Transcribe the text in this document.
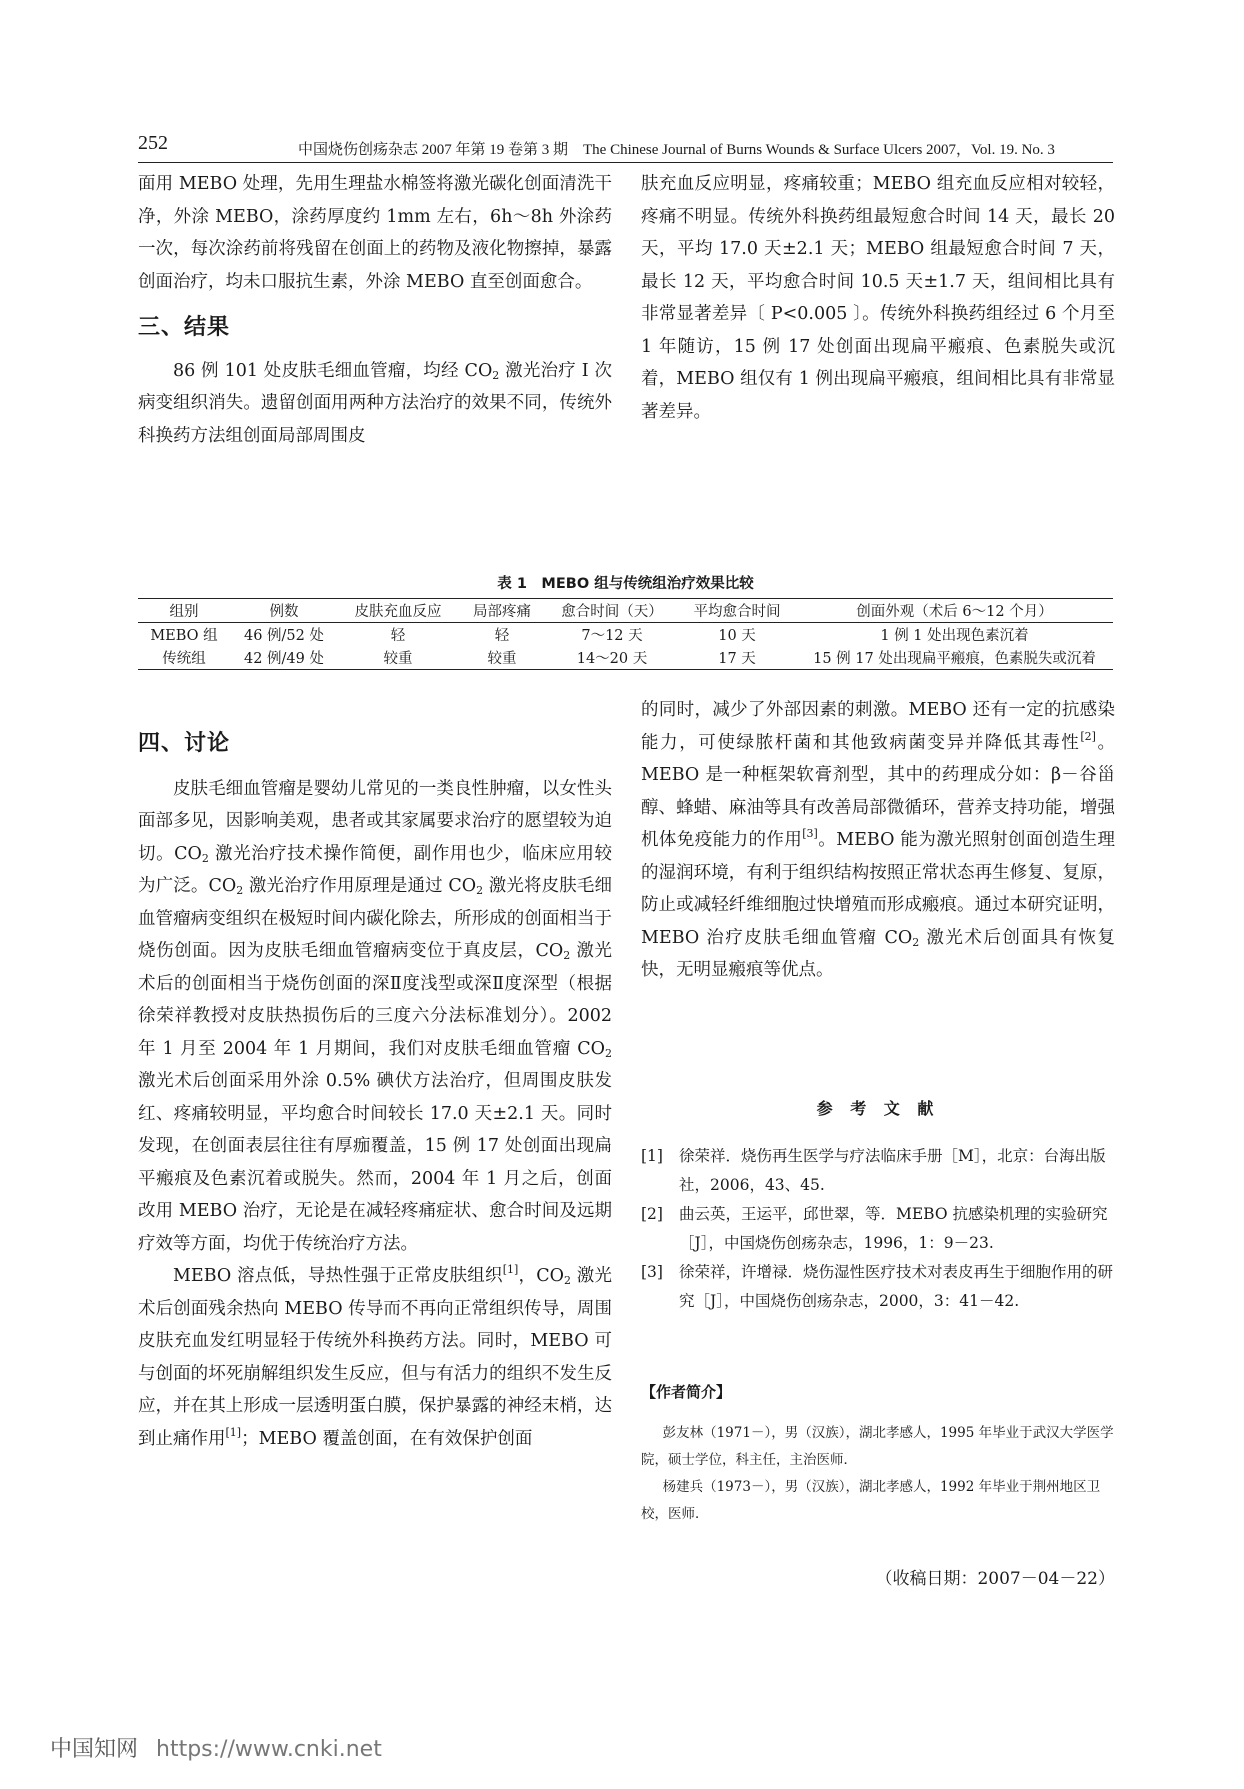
252	中国烧伤创疡杂志 2007 年第 19 卷第 3 期　The Chinese Journal of Burns Wounds & Surface Ulcers 2007，Vol. 19. No. 3

面用 MEBO 处理，先用生理盐水棉签将激光碳化创面清洗干净，外涂 MEBO，涂药厚度约 1mm 左右，6h～8h 外涂药一次，每次涂药前将残留在创面上的药物及液化物擦掉，暴露创面治疗，均未口服抗生素，外涂 MEBO 直至创面愈合。

三、结果

86 例 101 处皮肤毛细血管瘤，均经 $CO_2$ 激光治疗 I 次病变组织消失。遗留创面用两种方法治疗的效果不同，传统外科换药方法组创面局部周围皮

肤充血反应明显，疼痛较重；MEBO 组充血反应相对较轻，疼痛不明显。传统外科换药组最短愈合时间 14 天，最长 20 天，平均 17.0 天±2.1 天；MEBO 组最短愈合时间 7 天，最长 12 天，平均愈合时间 10.5 天±1.7 天，组间相比具有非常显著差异〔 P<0.005 〕。传统外科换药组经过 6 个月至 1 年随访，15 例 17 处创面出现扁平瘢痕、色素脱失或沉着，MEBO 组仅有 1 例出现扁平瘢痕，组间相比具有非常显著差异。

表 1　MEBO 组与传统组治疗效果比较
组别	例数	皮肤充血反应	局部疼痛	愈合时间（天）	平均愈合时间	创面外观（术后 6～12 个月）
MEBO 组	46 例/52 处	轻	轻	7～12 天	10 天	1 例 1 处出现色素沉着
传统组	42 例/49 处	较重	较重	14～20 天	17 天	15 例 17 处出现扁平瘢痕，色素脱失或沉着
四、讨论

皮肤毛细血管瘤是婴幼儿常见的一类良性肿瘤，以女性头面部多见，因影响美观，患者或其家属要求治疗的愿望较为迫切。$CO_2$ 激光治疗技术操作简便，副作用也少，临床应用较为广泛。$CO_2$ 激光治疗作用原理是通过 $CO_2$ 激光将皮肤毛细血管瘤病变组织在极短时间内碳化除去，所形成的创面相当于烧伤创面。因为皮肤毛细血管瘤病变位于真皮层，$CO_2$ 激光术后的创面相当于烧伤创面的深Ⅱ度浅型或深Ⅱ度深型（根据徐荣祥教授对皮肤热损伤后的三度六分法标准划分）。2002 年 1 月至 2004 年 1 月期间，我们对皮肤毛细血管瘤 $CO_2$ 激光术后创面采用外涂 0.5% 碘伏方法治疗，但周围皮肤发红、疼痛较明显，平均愈合时间较长 17.0 天±2.1 天。同时发现，在创面表层往往有厚痂覆盖，15 例 17 处创面出现扁平瘢痕及色素沉着或脱失。然而，2004 年 1 月之后，创面改用 MEBO 治疗，无论是在减轻疼痛症状、愈合时间及远期疗效等方面，均优于传统治疗方法。

MEBO 溶点低，导热性强于正常皮肤组织[1]，$CO_2$ 激光术后创面残余热向 MEBO 传导而不再向正常组织传导，周围皮肤充血发红明显轻于传统外科换药方法。同时，MEBO 可与创面的坏死崩解组织发生反应，但与有活力的组织不发生反应，并在其上形成一层透明蛋白膜，保护暴露的神经末梢，达到止痛作用[1]；MEBO 覆盖创面，在有效保护创面

的同时，减少了外部因素的刺激。MEBO 还有一定的抗感染能力，可使绿脓杆菌和其他致病菌变异并降低其毒性[2]。MEBO 是一种框架软膏剂型，其中的药理成分如：β－谷甾醇、蜂蜡、麻油等具有改善局部微循环，营养支持功能，增强机体免疫能力的作用[3]。MEBO 能为激光照射创面创造生理的湿润环境，有利于组织结构按照正常状态再生修复、复原，防止或减轻纤维细胞过快增殖而形成瘢痕。通过本研究证明，MEBO 治疗皮肤毛细血管瘤 $CO_2$ 激光术后创面具有恢复快，无明显瘢痕等优点。

参 考 文 献

[1] 徐荣祥．烧伤再生医学与疗法临床手册［M］，北京：台海出版社，2006，43、45.

[2] 曲云英，王运平，邱世翠，等．MEBO 抗感染机理的实验研究［J］，中国烧伤创疡杂志，1996，1：9－23.

[3] 徐荣祥，许增禄．烧伤湿性医疗技术对表皮再生于细胞作用的研究［J］，中国烧伤创疡杂志，2000，3：41－42.

【作者简介】

彭友林（1971－），男（汉族），湖北孝感人，1995 年毕业于武汉大学医学院，硕士学位，科主任，主治医师．

杨建兵（1973－），男（汉族），湖北孝感人，1992 年毕业于荆州地区卫校，医师．

（收稿日期：2007－04－22）
中国知网 https://www.cnki.net
